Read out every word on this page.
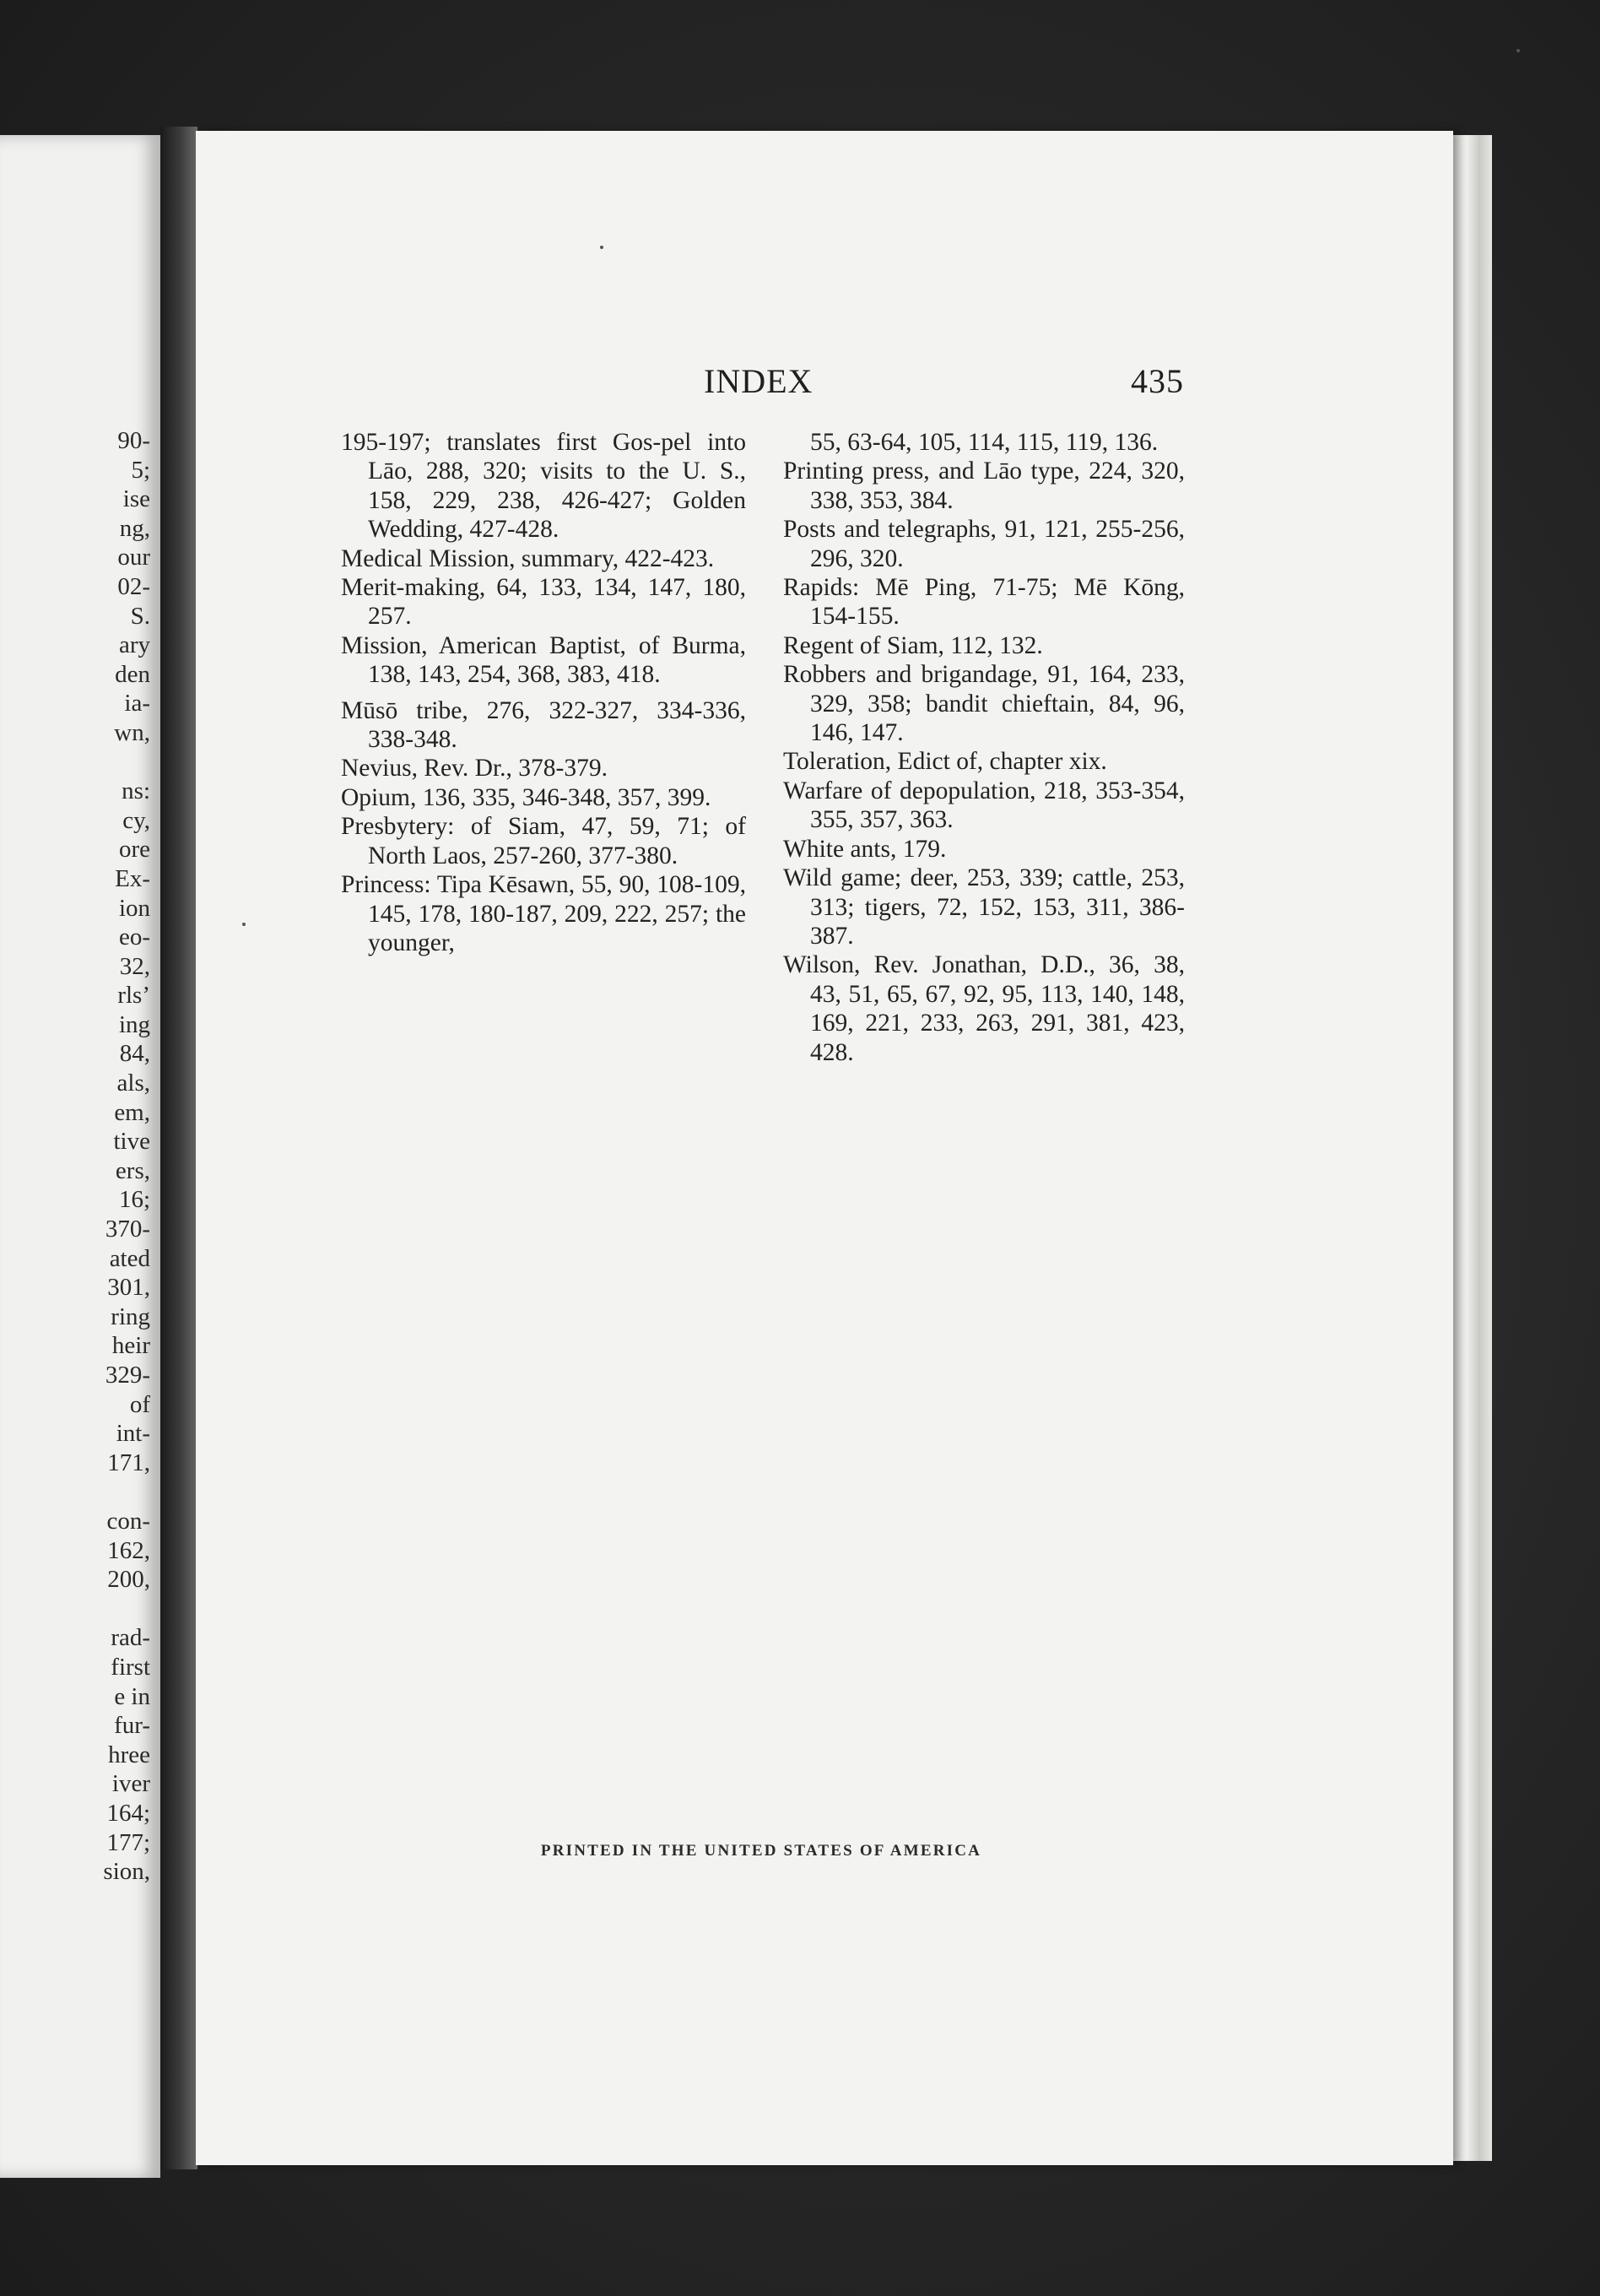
90-
5;
ise
ng,
our
02-
S.
ary
den
ia-
wn,

ns:
cy,
ore
Ex-
ion
eo-
32,
rls’
ing
84,
als,
em,
tive
ers,
16;
370-
ated
301,
ring
heir
329-
of
int-
171,

con-
162,
200,

rad-
first
e in
fur-
hree
iver
164;
177;
sion,
INDEX	435
195-197; translates first Gos-pel into Lāo, 288, 320; visits to the U. S., 158, 229, 238, 426-427; Golden Wedding, 427-428.
Medical Mission, summary, 422-423.
Merit-making, 64, 133, 134, 147, 180, 257.
Mission, American Baptist, of Burma, 138, 143, 254, 368, 383, 418.
Mūsō tribe, 276, 322-327, 334-336, 338-348.
Nevius, Rev. Dr., 378-379.
Opium, 136, 335, 346-348, 357, 399.
Presbytery: of Siam, 47, 59, 71; of North Laos, 257-260, 377-380.
Princess: Tipa Kēsawn, 55, 90, 108-109, 145, 178, 180-187, 209, 222, 257; the younger,
55, 63-64, 105, 114, 115, 119, 136.
Printing press, and Lāo type, 224, 320, 338, 353, 384.
Posts and telegraphs, 91, 121, 255-256, 296, 320.
Rapids: Mē Ping, 71-75; Mē Kōng, 154-155.
Regent of Siam, 112, 132.
Robbers and brigandage, 91, 164, 233, 329, 358; bandit chieftain, 84, 96, 146, 147.
Toleration, Edict of, chapter xix.
Warfare of depopulation, 218, 353-354, 355, 357, 363.
White ants, 179.
Wild game; deer, 253, 339; cattle, 253, 313; tigers, 72, 152, 153, 311, 386-387.
Wilson, Rev. Jonathan, D.D., 36, 38, 43, 51, 65, 67, 92, 95, 113, 140, 148, 169, 221, 233, 263, 291, 381, 423, 428.
PRINTED IN THE UNITED STATES OF AMERICA
